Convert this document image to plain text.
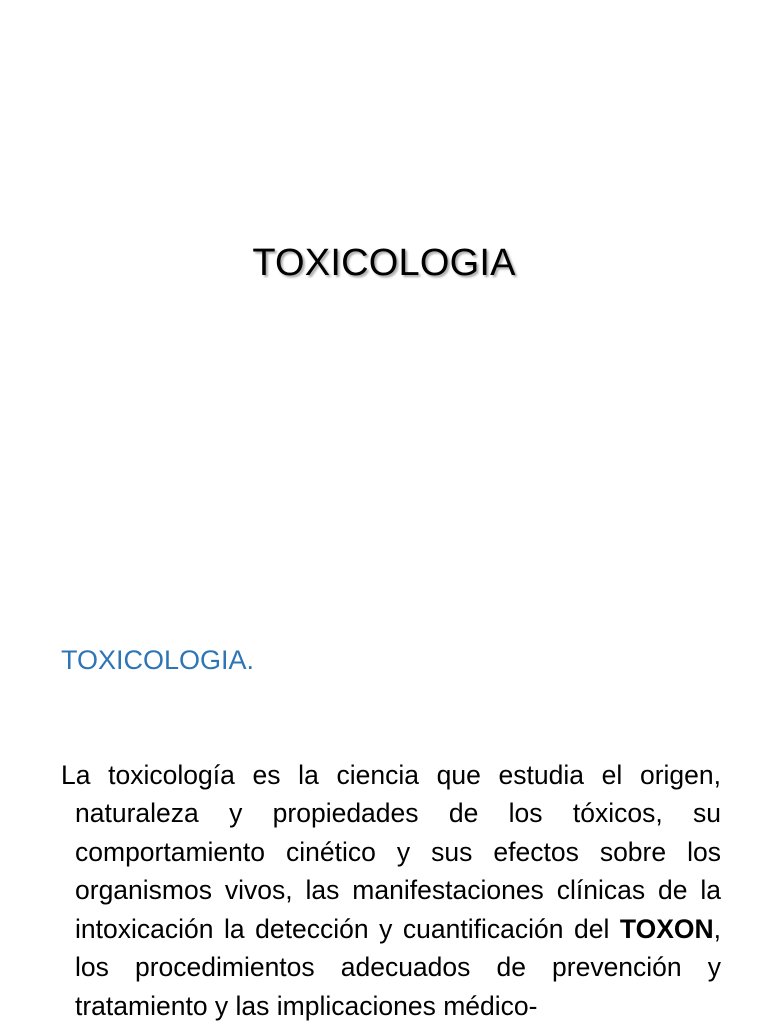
TOXICOLOGIA
TOXICOLOGIA.

La toxicología es la ciencia que estudia el origen, naturaleza y propiedades de los tóxicos, su comportamiento cinético y sus efectos sobre los organismos vivos, las manifestaciones clínicas de la intoxicación la detección y cuantificación del TOXON, los procedimientos adecuados de prevención y tratamiento y las implicaciones médico-
